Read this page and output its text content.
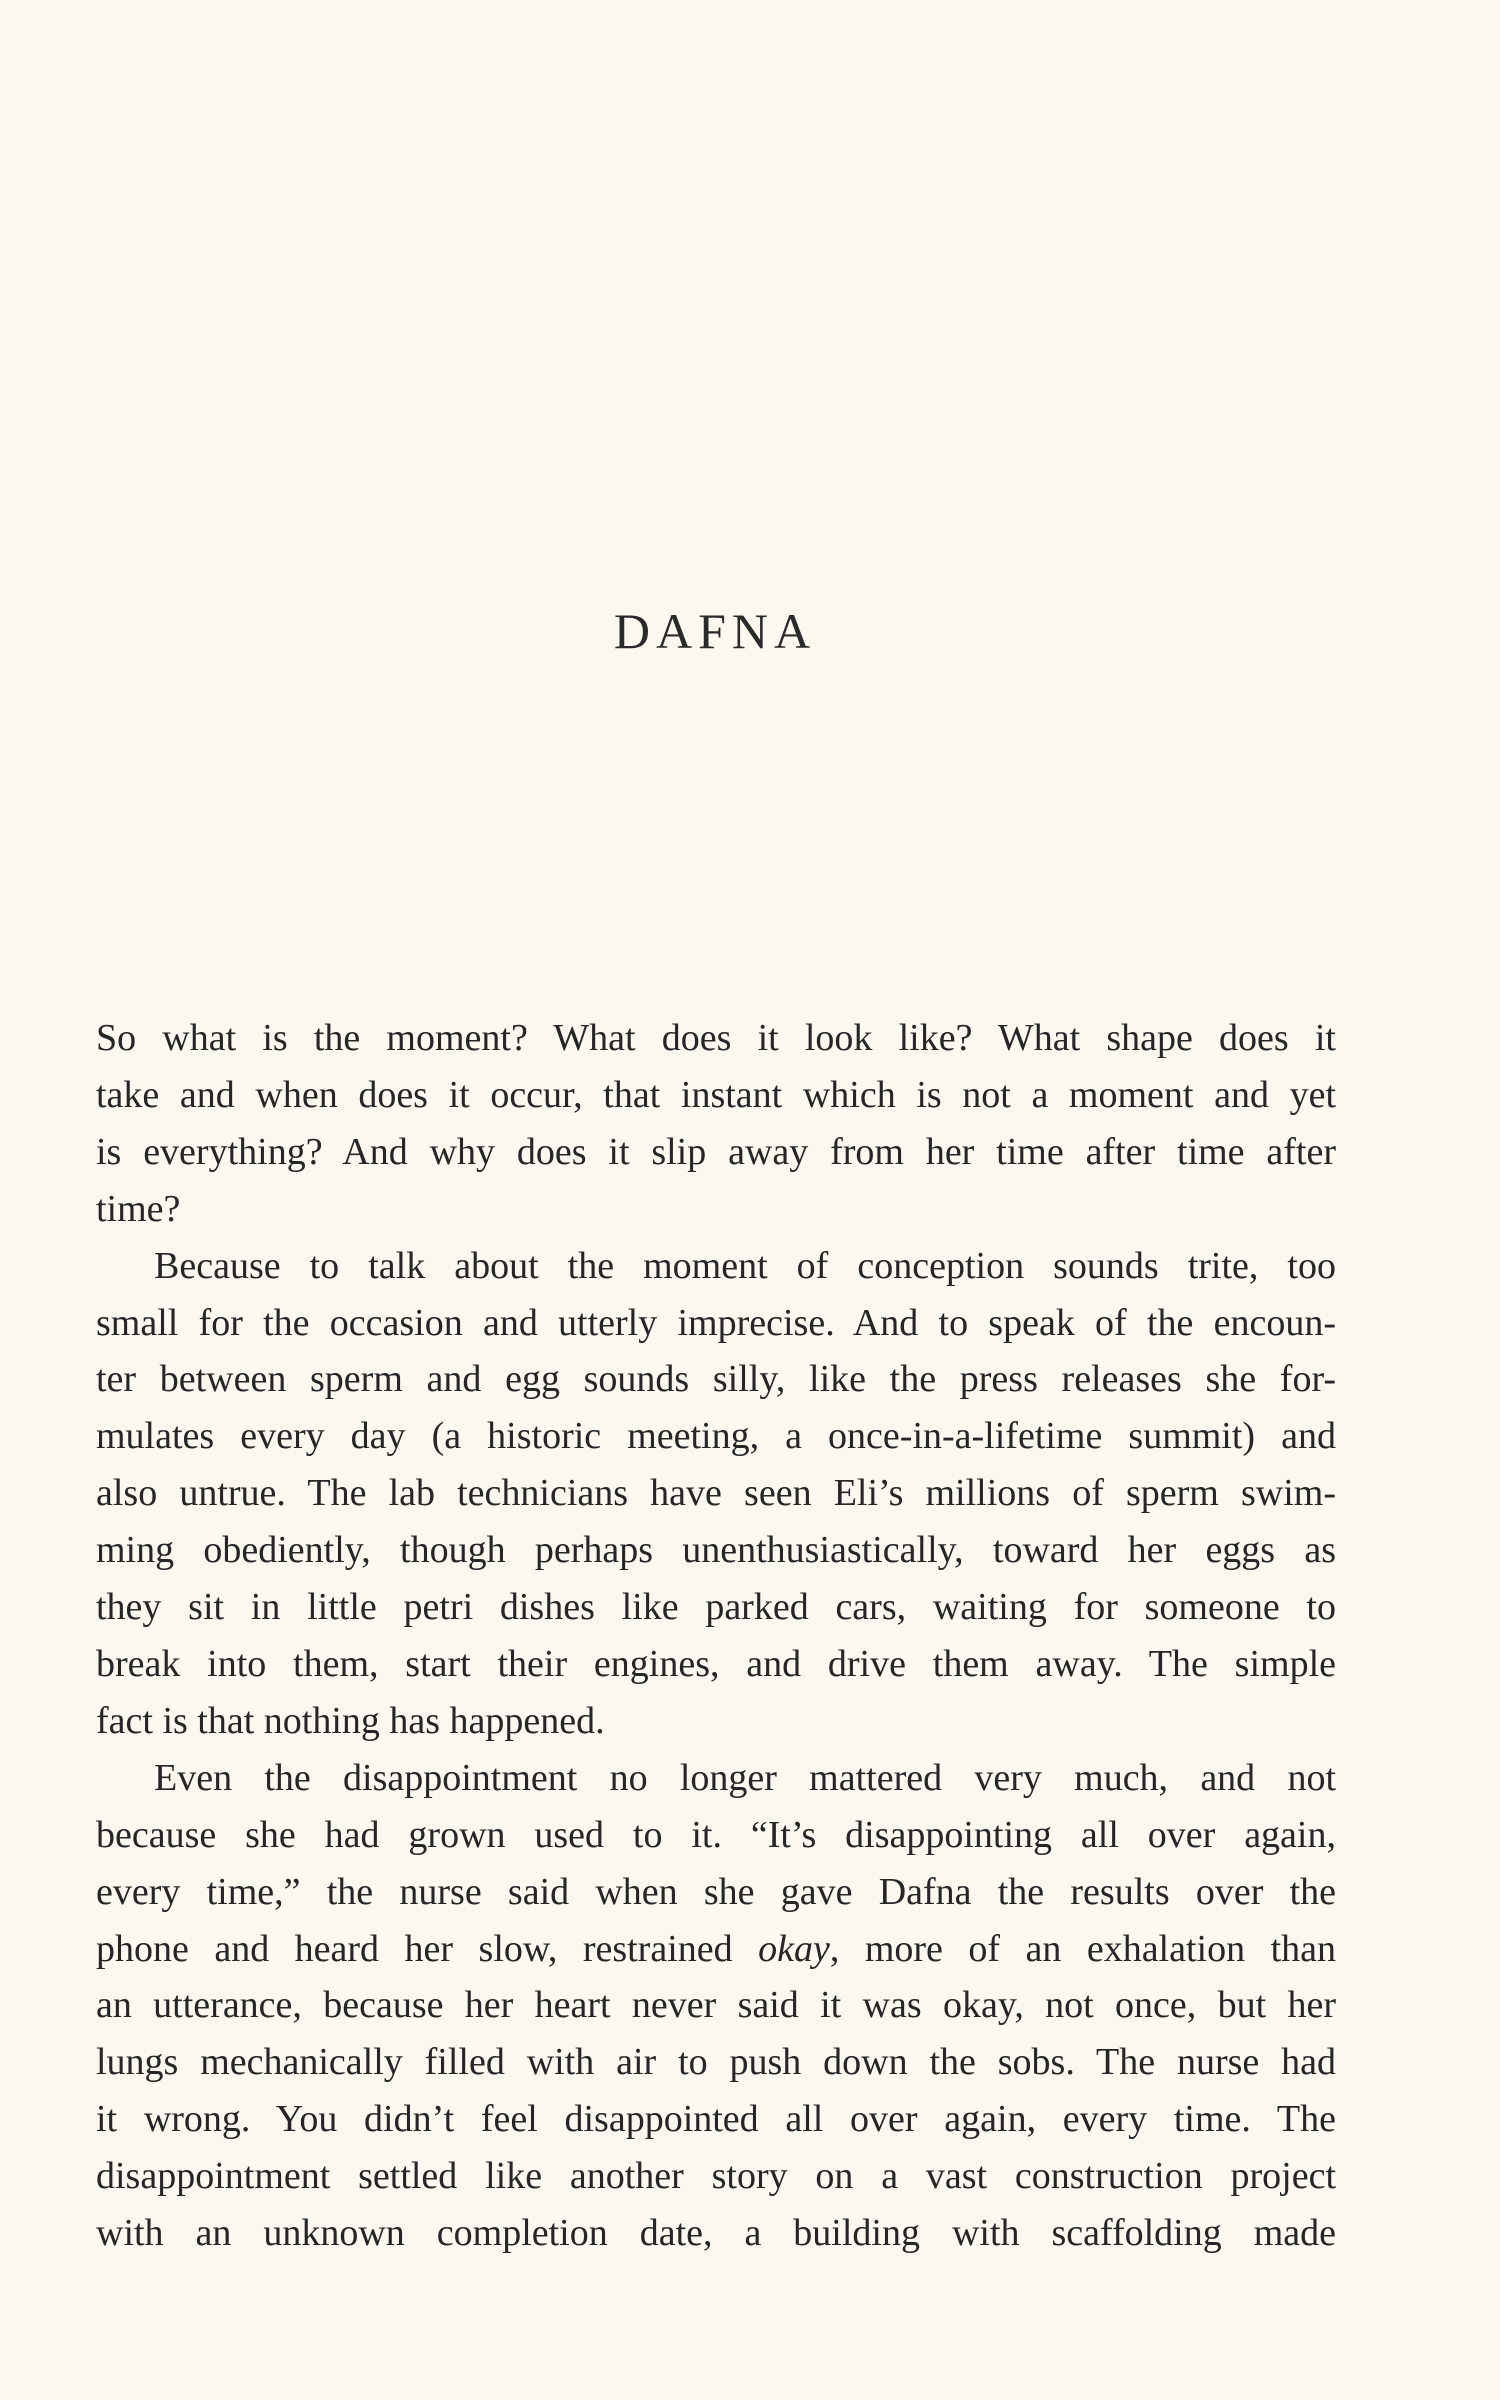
DAFNA

So what is the moment? What does it look like? What shape does it
take and when does it occur, that instant which is not a moment and yet
is everything? And why does it slip away from her time after time after
time?

Because to talk about the moment of conception sounds trite, too
small for the occasion and utterly imprecise. And to speak of the encoun-
ter between sperm and egg sounds silly, like the press releases she for-
mulates every day (a historic meeting, a once-in-a-lifetime summit) and
also untrue. The lab technicians have seen Eli’s millions of sperm swim-
ming obediently, though perhaps unenthusiastically, toward her eggs as
they sit in little petri dishes like parked cars, waiting for someone to
break into them, start their engines, and drive them away. The simple
fact is that nothing has happened.

Even the disappointment no longer mattered very much, and not
because she had grown used to it. “It’s disappointing all over again,
every time,” the nurse said when she gave Dafna the results over the
phone and heard her slow, restrained okay, more of an exhalation than
an utterance, because her heart never said it was okay, not once, but her
lungs mechanically filled with air to push down the sobs. The nurse had
it wrong. You didn’t feel disappointed all over again, every time. The
disappointment settled like another story on a vast construction project
with an unknown completion date, a building with scaffolding made
